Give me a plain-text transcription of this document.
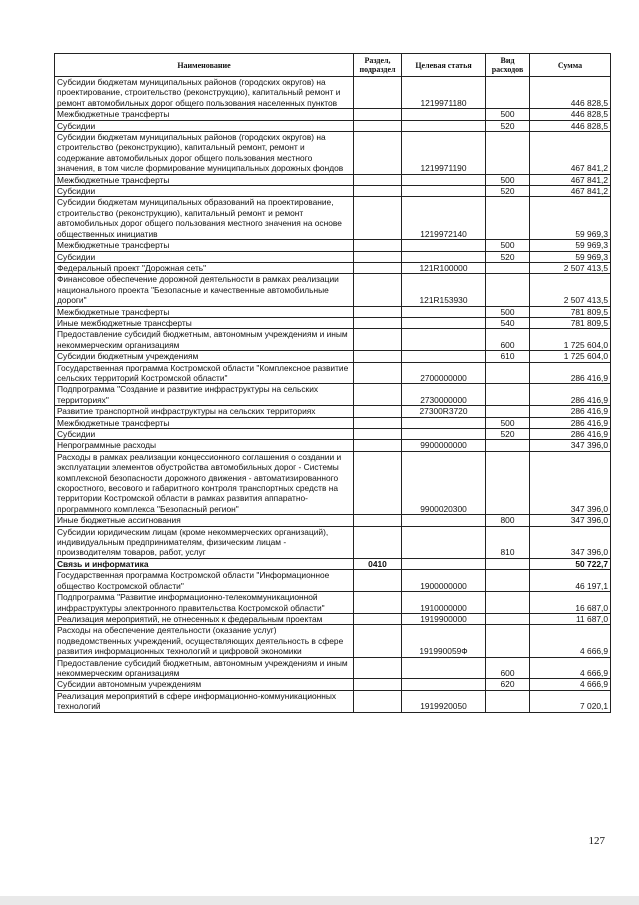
Наименование	Раздел, подраздел	Целевая статья	Вид расходов	Сумма
Субсидии бюджетам муниципальных районов (городских округов) на проектирование, строительство (реконструкцию), капитальный ремонт и ремонт автомобильных дорог общего пользования населенных пунктов		1219971180		446 828,5
Межбюджетные трансферты			500	446 828,5
Субсидии			520	446 828,5
Субсидии бюджетам муниципальных районов (городских округов) на строительство (реконструкцию), капитальный ремонт, ремонт и содержание автомобильных дорог общего пользования местного значения, в том числе формирование муниципальных дорожных фондов		1219971190		467 841,2
Межбюджетные трансферты			500	467 841,2
Субсидии			520	467 841,2
Субсидии бюджетам муниципальных образований на проектирование, строительство (реконструкцию), капитальный ремонт и ремонт автомобильных дорог общего пользования местного значения на основе общественных инициатив		1219972140		59 969,3
Межбюджетные трансферты			500	59 969,3
Субсидии			520	59 969,3
Федеральный проект "Дорожная сеть"		121R100000		2 507 413,5
Финансовое обеспечение дорожной деятельности в рамках реализации национального проекта "Безопасные и качественные автомобильные дороги"		121R153930		2 507 413,5
Межбюджетные трансферты			500	781 809,5
Иные межбюджетные трансферты			540	781 809,5
Предоставление субсидий бюджетным, автономным учреждениям и иным некоммерческим организациям			600	1 725 604,0
Субсидии бюджетным учреждениям			610	1 725 604,0
Государственная программа Костромской области "Комплексное развитие сельских территорий Костромской области"		2700000000		286 416,9
Подпрограмма "Создание и развитие инфраструктуры на сельских территориях"		2730000000		286 416,9
Развитие транспортной инфраструктуры на сельских территориях		27300R3720		286 416,9
Межбюджетные трансферты			500	286 416,9
Субсидии			520	286 416,9
Непрограммные расходы		9900000000		347 396,0
Расходы в рамках реализации концессионного соглашения о создании и эксплуатации элементов обустройства автомобильных дорог - Системы комплексной безопасности дорожного движения - автоматизированного скоростного, весового и габаритного контроля транспортных средств на территории Костромской области в рамках развития аппаратно-программного комплекса "Безопасный регион"		9900020300		347 396,0
Иные бюджетные ассигнования			800	347 396,0
Субсидии юридическим лицам (кроме некоммерческих организаций), индивидуальным предпринимателям, физическим лицам - производителям товаров, работ, услуг			810	347 396,0
Связь и информатика	0410			50 722,7
Государственная программа Костромской области "Информационное общество Костромской области"		1900000000		46 197,1
Подпрограмма "Развитие информационно-телекоммуникационной инфраструктуры электронного правительства Костромской области"		1910000000		16 687,0
Реализация мероприятий, не отнесенных к федеральным проектам		1919900000		11 687,0
Расходы на обеспечение деятельности (оказание услуг) подведомственных учреждений, осуществляющих деятельность в сфере развития информационных технологий и цифровой экономики		191990059Ф		4 666,9
Предоставление субсидий бюджетным, автономным учреждениям и иным некоммерческим организациям			600	4 666,9
Субсидии автономным учреждениям			620	4 666,9
Реализация мероприятий в сфере информационно-коммуникационных технологий		1919920050		7 020,1
127
